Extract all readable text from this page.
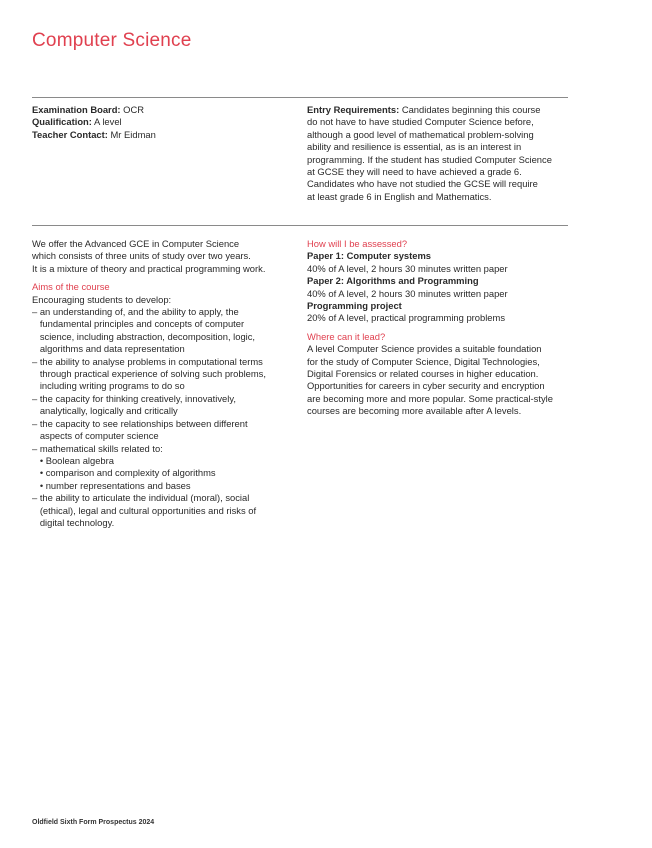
Computer Science
Examination Board: OCR
Qualification: A level
Teacher Contact: Mr Eidman
Entry Requirements: Candidates beginning this course
do not have to have studied Computer Science before,
although a good level of mathematical problem-solving
ability and resilience is essential, as is an interest in
programming. If the student has studied Computer Science
at GCSE they will need to have achieved a grade 6.
Candidates who have not studied the GCSE will require
at least grade 6 in English and Mathematics.
We offer the Advanced GCE in Computer Science
which consists of three units of study over two years.
It is a mixture of theory and practical programming work.
Aims of the course
Encouraging students to develop:
– an understanding of, and the ability to apply, the
fundamental principles and concepts of computer
science, including abstraction, decomposition, logic,
algorithms and data representation
– the ability to analyse problems in computational terms
through practical experience of solving such problems,
including writing programs to do so
– the capacity for thinking creatively, innovatively,
analytically, logically and critically
– the capacity to see relationships between different
aspects of computer science
– mathematical skills related to:
• Boolean algebra
• comparison and complexity of algorithms
• number representations and bases
– the ability to articulate the individual (moral), social
(ethical), legal and cultural opportunities and risks of
digital technology.
How will I be assessed?
Paper 1: Computer systems
40% of A level, 2 hours 30 minutes written paper
Paper 2: Algorithms and Programming
40% of A level, 2 hours 30 minutes written paper
Programming project
20% of A level, practical programming problems
Where can it lead?
A level Computer Science provides a suitable foundation
for the study of Computer Science, Digital Technologies,
Digital Forensics or related courses in higher education.
Opportunities for careers in cyber security and encryption
are becoming more and more popular. Some practical-style
courses are becoming more available after A levels.
Oldfield Sixth Form Prospectus 2024
